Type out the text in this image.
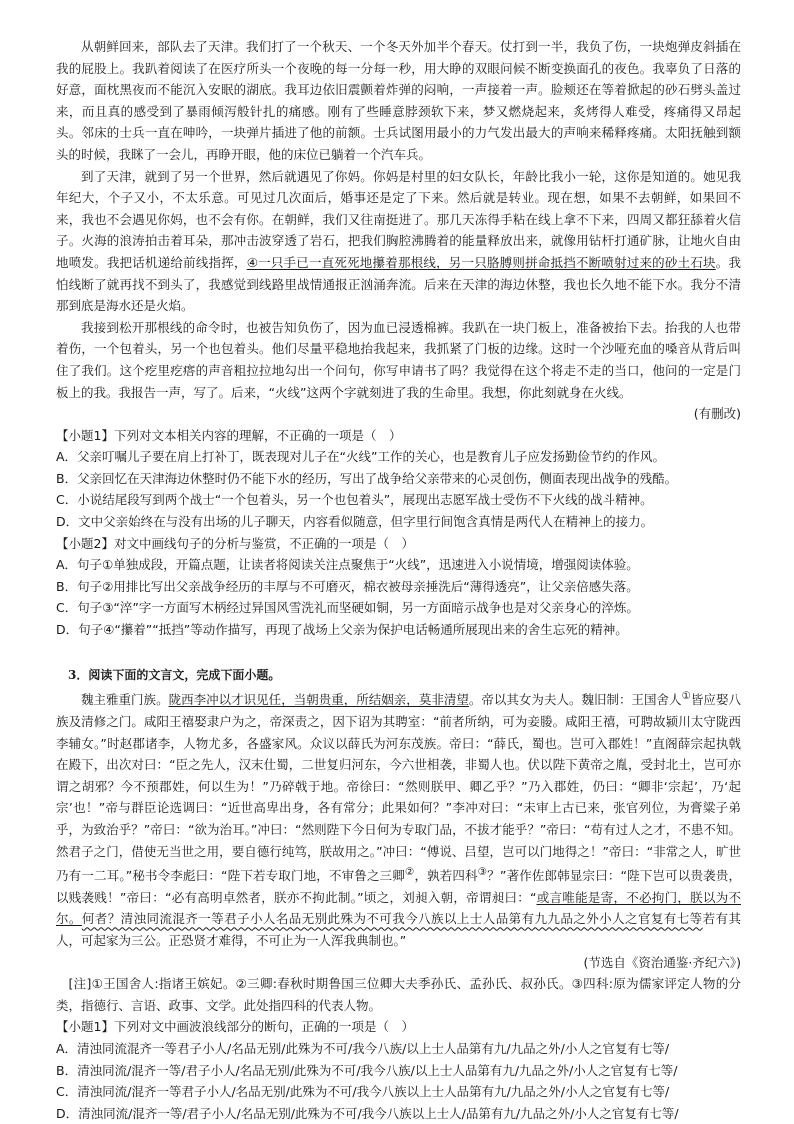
从朝鲜回来，部队去了天津。我们打了一个秋天、一个冬天外加半个春天。仗打到一半，我负了伤，一块炮弹皮斜插在我的屁股上。我趴着阅读了在医疗所头一个夜晚的每一分每一秒，用大睁的双眼问候不断变换面孔的夜色。我辜负了日落的好意，面枕黑夜而不能沉入安眠的湖底。我耳边依旧震颤着炸弹的闷响，一声接着一声。脸颊还在等着掀起的砂石劈头盖过来，而且真的感受到了暴雨倾泻般针扎的痛感。刚有了些睡意脖颈软下来，梦又燃烧起来，炙烤得人难受，疼痛得又昂起头。邻床的士兵一直在呻吟，一块弹片插进了他的前额。士兵试图用最小的力气发出最大的声响来稀释疼痛。太阳抚触到额头的时候，我眯了一会儿，再睁开眼，他的床位已躺着一个汽车兵。

到了天津，就到了另一个世界，然后就遇见了你妈。你妈是村里的妇女队长，年龄比我小一轮，这你是知道的。她见我年纪大，个子又小，不太乐意。可见过几次面后，婚事还是定了下来。然后就是转业。现在想，如果不去朝鲜，如果回不来，我也不会遇见你妈，也不会有你。在朝鲜，我们又往南挺进了。那几天冻得手粘在线上拿不下来，四周又都狂舔着火信子。火海的浪涛拍击着耳朵，那冲击波穿透了岩石，把我们胸腔沸腾着的能量释放出来，就像用钻杆打通矿脉，让地火自由地喷发。我把话机递给前线指挥，④一只手已一直死死地攥着那根线，另一只胳膊则拼命抵挡不断喷射过来的砂土石块。我怕线断了就再找不到头了，我感觉到线路里战情通报正汹涌奔流。后来在天津的海边休整，我也长久地不能下水。我分不清那到底是海水还是火焰。

我接到松开那根线的命令时，也被告知负伤了，因为血已浸透棉裤。我趴在一块门板上，准备被抬下去。抬我的人也带着伤，一个包着头，另一个也包着头。他们尽量平稳地抬我起来，我抓紧了门板的边缘。这时一个沙哑充血的嗓音从背后叫住了我们。这个疙里疙瘩的声音粗拉拉地勾出一个问句，你写申请书了吗？我觉得在这个将走不走的当口，他问的一定是门板上的我。我报告一声，写了。后来，“火线”这两个字就刻进了我的生命里。我想，你此刻就身在火线。

(有删改)

【小题1】下列对文本相关内容的理解，不正确的一项是（　）

A．父亲叮嘱儿子要在肩上打补丁，既表现对儿子在“火线”工作的关心，也是教育儿子应发扬勤俭节约的作风。

B．父亲回忆在天津海边休整时仍不能下水的经历，写出了战争给父亲带来的心灵创伤，侧面表现出战争的残酷。

C．小说结尾段写到两个战士“一个包着头，另一个也包着头”，展现出志愿军战士受伤不下火线的战斗精神。

D．文中父亲始终在与没有出场的儿子聊天，内容看似随意，但字里行间饱含真情是两代人在精神上的接力。

【小题2】对文中画线句子的分析与鉴赏，不正确的一项是（　）

A．句子①单独成段，开篇点题，让读者将阅读关注点聚焦于“火线”，迅速进入小说情境，增强阅读体验。

B．句子②用排比写出父亲战争经历的丰厚与不可磨灭，棉衣被母亲捶洗后“薄得透亮”，让父亲倍感失落。

C．句子③“淬”字一方面写木柄经过异国风雪洗礼而坚硬如铜，另一方面暗示战争也是对父亲身心的淬炼。

D．句子④“攥着”“抵挡”等动作描写，再现了战场上父亲为保护电话畅通所展现出来的舍生忘死的精神。

3．阅读下面的文言文，完成下面小题。

魏主雅重门族。陇西李冲以才识见任，当朝贵重，所结姻亲，莫非清望。帝以其女为夫人。魏旧制：王国舍人①皆应娶八族及清修之门。咸阳王禧娶隶户为之，帝深责之，因下诏为其聘室：“前者所纳，可为妾媵。咸阳王禧，可聘故颍川太守陇西李辅女。”时赵郡诸李，人物尤多，各盛家风。众议以薛氏为河东茂族。帝曰：“薛氏，蜀也。岂可入郡姓！”直阁薛宗起执戟在殿下，出次对曰：“臣之先人，汉末仕蜀，二世复归河东，今六世相袭，非蜀人也。伏以陛下黄帝之胤，受封北土，岂可亦谓之胡邪？今不预郡姓，何以生为！”乃碎戟于地。帝徐曰：“然则朕甲、卿乙乎？”乃入郡姓，仍曰：“卿非‘宗起’，乃‘起宗’也！”帝与群臣论选调曰：“近世高卑出身，各有常分；此果如何？”李冲对曰：“未审上古已来，张官列位，为膏粱子弟乎，为致治乎？”帝曰：“欲为治耳。”冲曰：“然则陛下今日何为专取门品，不拔才能乎？”帝曰：“苟有过人之才，不患不知。然君子之门，借使无当世之用，要自德行纯笃，朕故用之。”冲曰：“傅说、吕望，岂可以门地得之！”帝曰：“非常之人，旷世乃有一二耳。”秘书令李彪曰：“陛下若专取门地，不审鲁之三卿②，孰若四科③？”著作佐郎韩显宗曰：“陛下岂可以贵袭贵，以贱袭贱！”帝曰：“必有高明卓然者，朕亦不拘此制。”顷之，刘昶入朝，帝谓昶曰：“或言唯能是寄，不必拘门，朕以为不尔。何者？清浊同流混齐一等君子小人名品无别此殊为不可我今八族以上士人品第有九九品之外小人之官复有七等若有其人，可起家为三公。正恐贤才难得，不可止为一人浑我典制也。”

(节选自《资治通鉴·齐纪六》)

[注]①王国舍人:指诸王嫔妃。②三卿:春秋时期鲁国三位卿大夫季孙氏、孟孙氏、叔孙氏。③四科:原为儒家评定人物的分类，指德行、言语、政事、文学。此处指四科的代表人物。

【小题1】下列对文中画波浪线部分的断句，正确的一项是（　）

A．清浊同流混齐一等君子小人/名品无别/此殊为不可/我今八族/以上士人品第有九/九品之外/小人之官复有七等/

B．清浊同流/混齐一等/君子小人/名品无别/此殊为不可/我今八族/以上士人品第有九/九品之外/小人之官复有七等/

C．清浊同流/混齐一等君子小人/名品无别/此殊为不可/我今八族以上士人品第有九/九品之外/小人之官复有七等/

D．清浊同流/混齐一等/君子小人/名品无别/此殊为不可/我今八族以上士人/品第有九/九品之外/小人之官复有七等/
